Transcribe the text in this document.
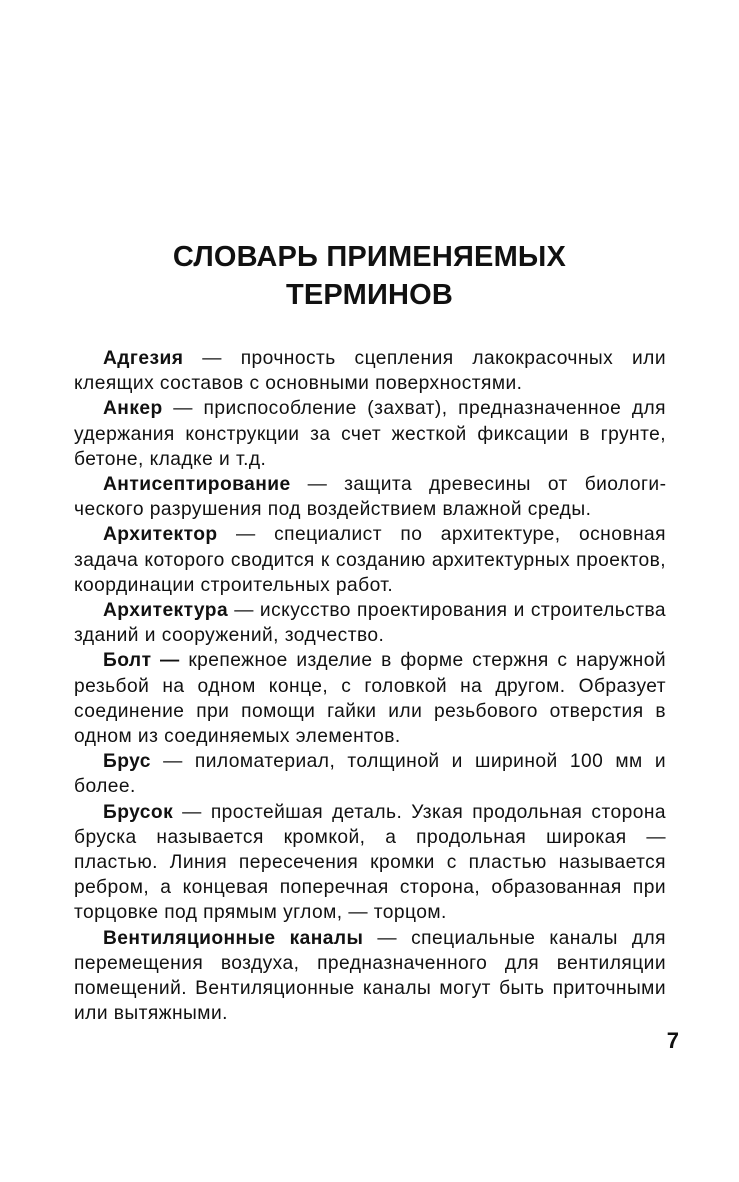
СЛОВАРЬ ПРИМЕНЯЕМЫХ
ТЕРМИНОВ

Адгезия — прочность сцепления лакокрасочных или клеящих составов с основными поверхностями.

Анкер — приспособление (захват), предназначенное для удержания конструкции за счет жесткой фиксации в грунте, бетоне, кладке и т.д.

Антисептирование — защита древесины от биологического разрушения под воздействием влажной среды.

Архитектор — специалист по архитектуре, основная задача которого сводится к созданию архитектурных проектов, координации строительных работ.

Архитектура — искусство проектирования и строительства зданий и сооружений, зодчество.

Болт — крепежное изделие в форме стержня с наружной резьбой на одном конце, с головкой на другом. Образует соединение при помощи гайки или резьбового отверстия в одном из соединяемых элементов.

Брус — пиломатериал, толщиной и шириной 100 мм и более.

Брусок — простейшая деталь. Узкая продольная сторона бруска называется кромкой, а продольная широкая — пластью. Линия пересечения кромки с пластью называется ребром, а концевая поперечная сторона, образованная при торцовке под прямым углом, — торцом.

Вентиляционные каналы — специальные каналы для перемещения воздуха, предназначенного для вентиляции помещений. Вентиляционные каналы могут быть приточными или вытяжными.

7
